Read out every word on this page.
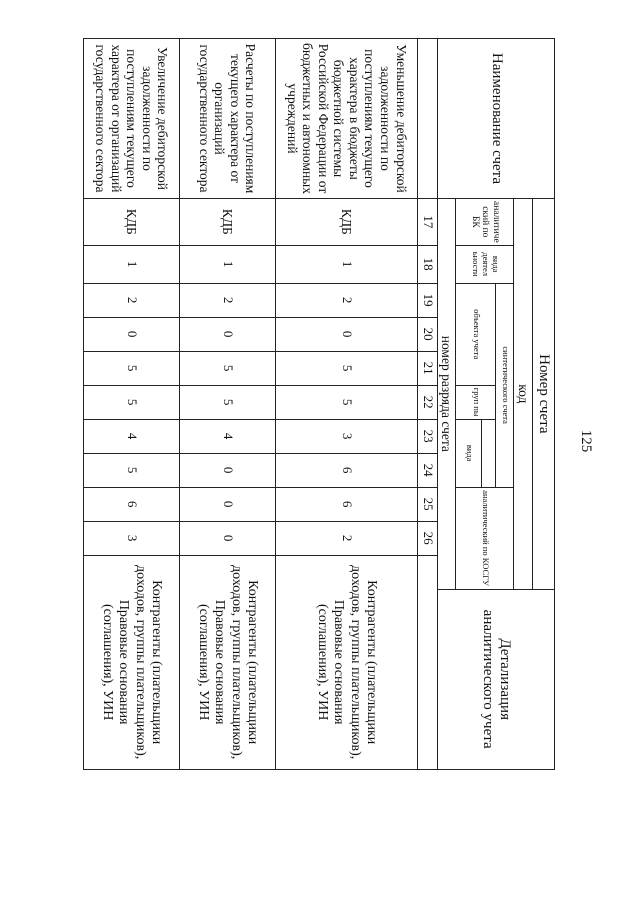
125
Наименование счета	Номер счета											Детализация аналитического учета
	код											
	аналитиче ский по БК	вида деятел ьности	синтетического счета						аналитический по КОСГУ			
			объекта учета			груп пы						
							вида					
	номер разряда счета											
	17	18	19	20	21	22	23	24	25	26		
Уменьшение дебиторской задолженности по поступлениям текущего характера в бюджеты бюджетной системы Российской Федерации от бюджетных и автономных учреждений	КДБ	1	2	0	5	5	3	6	6	2	Контрагенты (плательщики доходов, группы плательщиков), Правовые основания (соглашения), УИН	
Расчеты по поступлениям текущего характера от организаций государственного сектора	КДБ	1	2	0	5	5	4	0	0	0	Контрагенты (плательщики доходов, группы плательщиков), Правовые основания (соглашения), УИН	
Увеличение дебиторской задолженности по поступлениям текущего характера от организаций государственного сектора	КДБ	1	2	0	5	5	4	5	6	3	Контрагенты (плательщики доходов, группы плательщиков), Правовые основания (соглашения), УИН	
